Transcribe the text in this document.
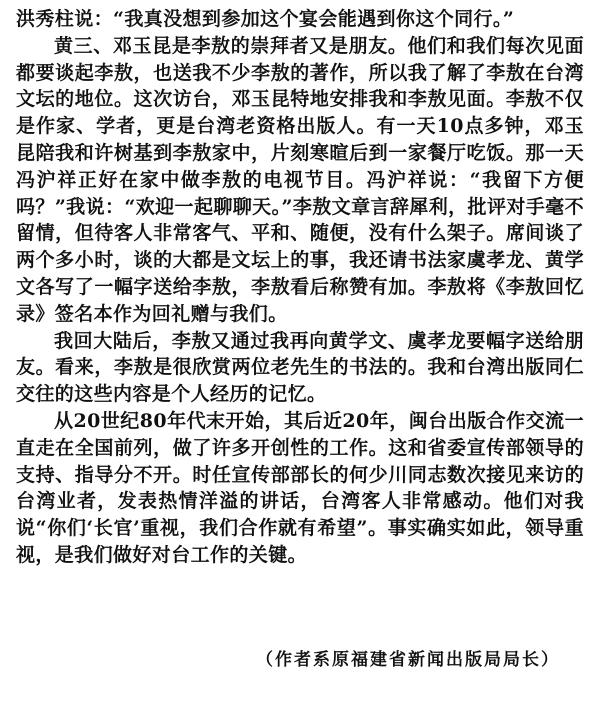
洪秀柱说：“我真没想到参加这个宴会能遇到你这个同行。”

黄三、邓玉昆是李敖的崇拜者又是朋友。他们和我们每次见面都要谈起李敖，也送我不少李敖的著作，所以我了解了李敖在台湾文坛的地位。这次访台，邓玉昆特地安排我和李敖见面。李敖不仅是作家、学者，更是台湾老资格出版人。有一天10点多钟，邓玉昆陪我和许树基到李敖家中，片刻寒暄后到一家餐厅吃饭。那一天冯沪祥正好在家中做李敖的电视节目。冯沪祥说：“我留下方便吗？”我说：“欢迎一起聊聊天。”李敖文章言辞犀利，批评对手毫不留情，但待客人非常客气、平和、随便，没有什么架子。席间谈了两个多小时，谈的大都是文坛上的事，我还请书法家虞孝龙、黄学文各写了一幅字送给李敖，李敖看后称赞有加。李敖将《李敖回忆录》签名本作为回礼赠与我们。

我回大陆后，李敖又通过我再向黄学文、虞孝龙要幅字送给朋友。看来，李敖是很欣赏两位老先生的书法的。我和台湾出版同仁交往的这些内容是个人经历的记忆。

从20世纪80年代末开始，其后近20年，闽台出版合作交流一直走在全国前列，做了许多开创性的工作。这和省委宣传部领导的支持、指导分不开。时任宣传部部长的何少川同志数次接见来访的台湾业者，发表热情洋溢的讲话，台湾客人非常感动。他们对我说“你们‘长官’重视，我们合作就有希望”。事实确实如此，领导重视，是我们做好对台工作的关键。

（作者系原福建省新闻出版局局长）
